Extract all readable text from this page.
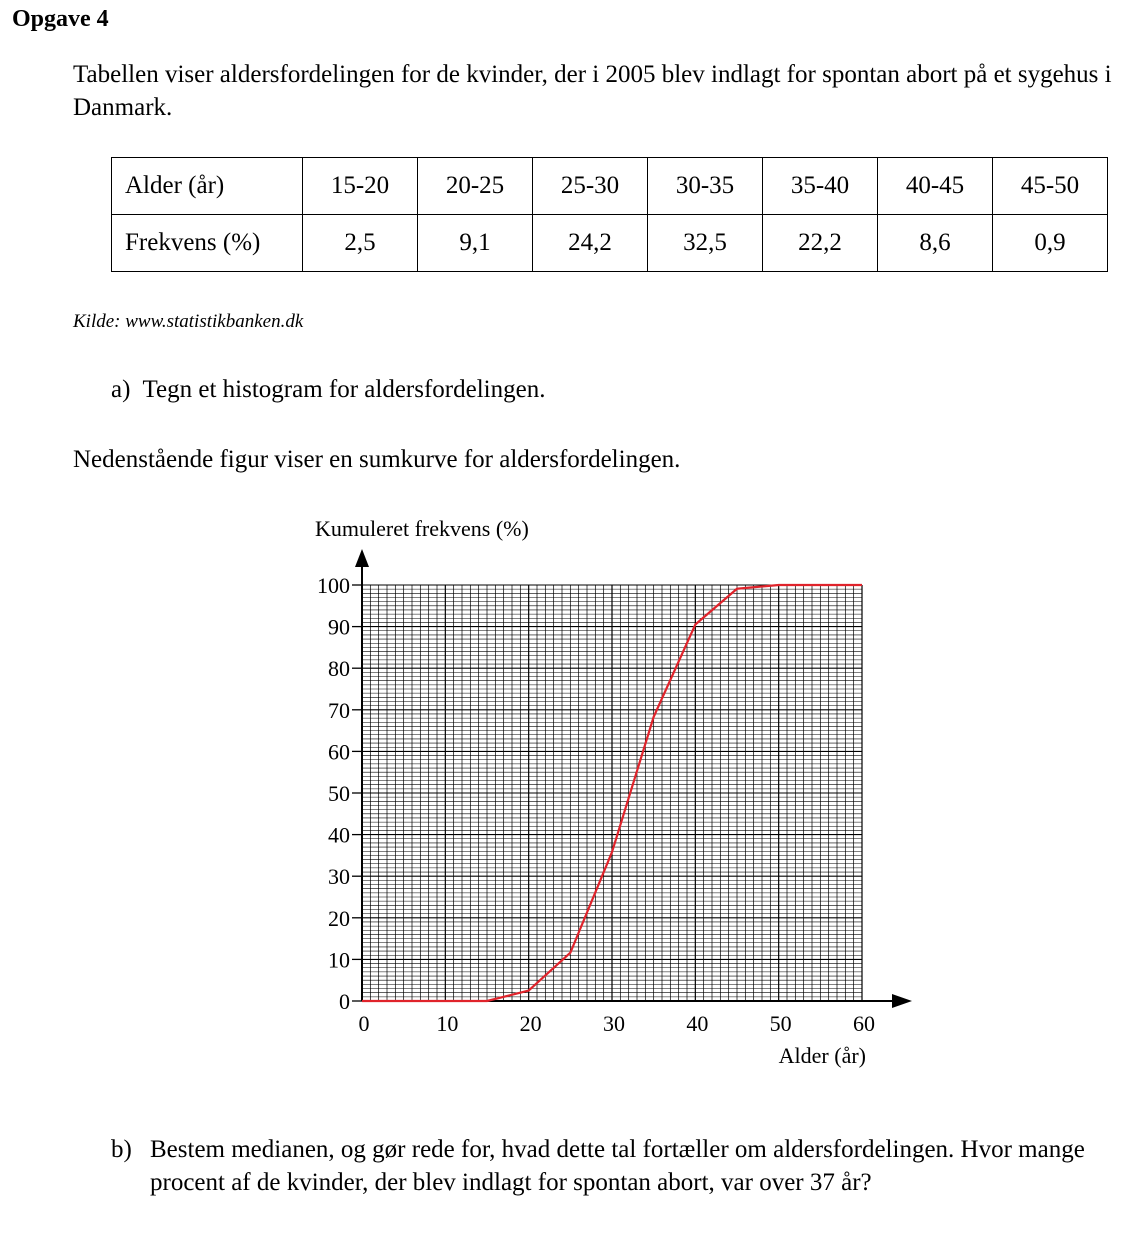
Opgave 4
Tabellen viser aldersfordelingen for de kvinder, der i 2005 blev indlagt for spontan abort på et sygehus i Danmark.
Alder (år)	15-20	20-25	25-30	30-35	35-40	40-45	45-50
Frekvens (%)	2,5	9,1	24,2	32,5	22,2	8,6	0,9
Kilde: www.statistikbanken.dk
a) Tegn et histogram for aldersfordelingen.
Nedenstående figur viser en sumkurve for aldersfordelingen.
0	10	20	30	40	50	60
0
10
20
30
40
50
60
70
80
90
100
Kumuleret frekvens (%)
Alder (år)
b) Bestem medianen, og gør rede for, hvad dette tal fortæller om aldersfordelingen. Hvor mange procent af de kvinder, der blev indlagt for spontan abort, var over 37 år?
